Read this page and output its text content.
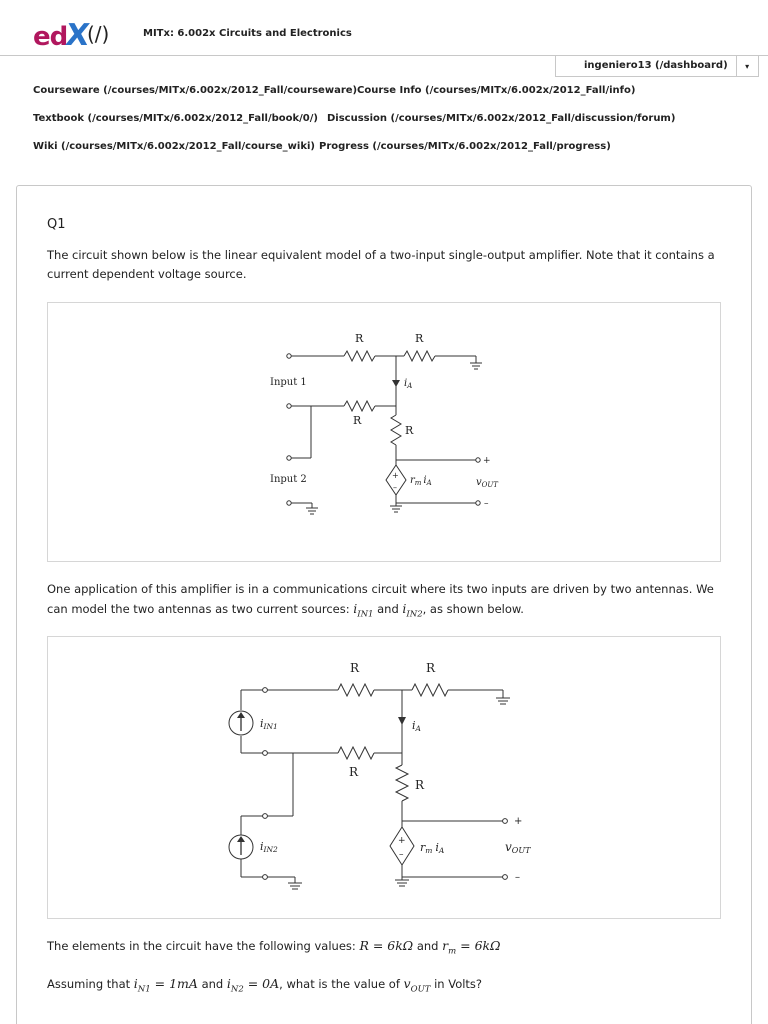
e d
X
(/)	MITx: 6.002x Circuits and Electronics
ingeniero13 (/dashboard)	▾
Courseware (/courses/MITx/6.002x/2012_Fall/courseware) Course Info (/courses/MITx/6.002x/2012_Fall/info)
Textbook (/courses/MITx/6.002x/2012_Fall/book/0/) Discussion (/courses/MITx/6.002x/2012_Fall/discussion/forum)
Wiki (/courses/MITx/6.002x/2012_Fall/course_wiki) Progress (/courses/MITx/6.002x/2012_Fall/progress)
Q1
The circuit shown below is the linear equivalent model of a two-input single-output amplifier. Note that it contains a current dependent voltage source.
R	R
R
R
Input 1
Input 2
$i_A$
$r_m$ $i_A$	$v_{OUT}$
+
–
+
–
One application of this amplifier is in a communications circuit where its two inputs are driven by two antennas. We can model the two antennas as two current sources: $i_{IN1}$ and $i_{IN2}$, as shown below.
R	R
R
R
iIN1
iIN2
iA
rm iA	vOUT
+
–
+
–
The elements in the circuit have the following values: R = 6kΩ and $r_m = 6k\Omega$
Assuming that $i_{N1} = 1mA$ and $i_{N2} = 0A$, what is the value of $v_{OUT}$ in Volts?
